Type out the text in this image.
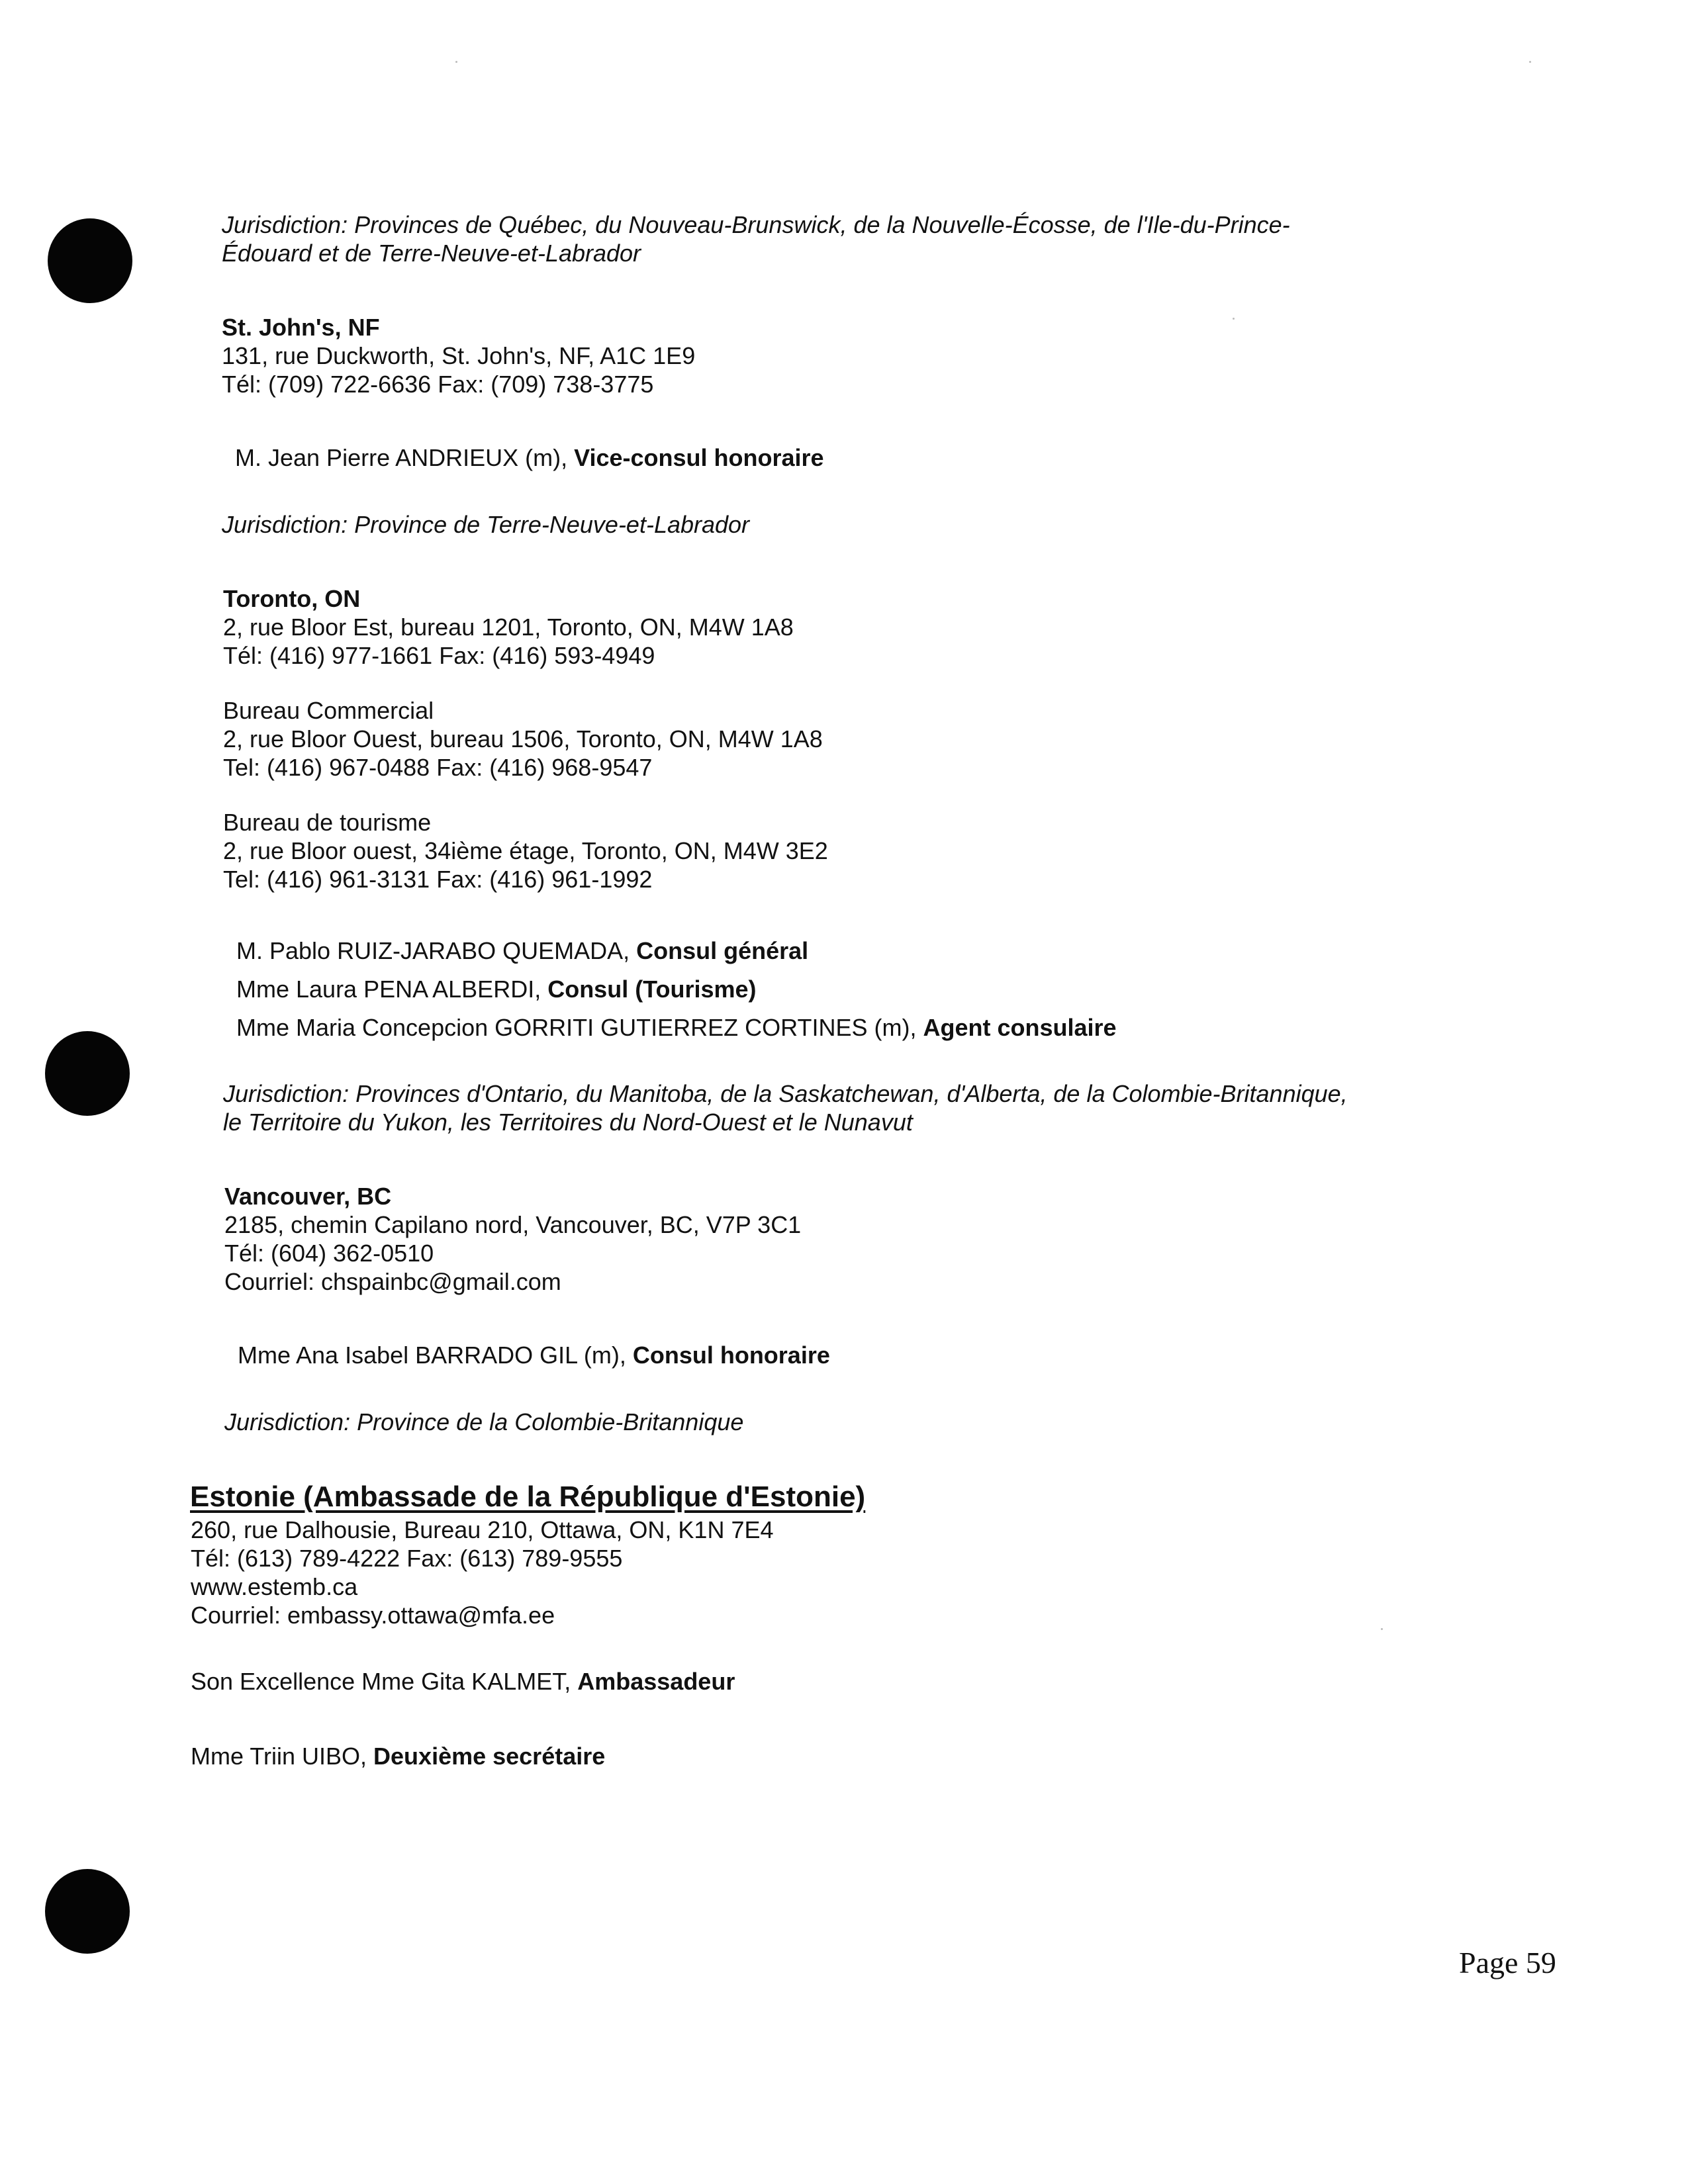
Jurisdiction: Provinces de Québec, du Nouveau-Brunswick, de la Nouvelle-Écosse, de l'Ile-du-Prince-
Édouard et de Terre-Neuve-et-Labrador
St. John's, NF
131, rue Duckworth, St. John's, NF, A1C 1E9
Tél: (709) 722-6636 Fax: (709) 738-3775
M. Jean Pierre ANDRIEUX (m), Vice-consul honoraire
Jurisdiction: Province de Terre-Neuve-et-Labrador
Toronto, ON
2, rue Bloor Est, bureau 1201, Toronto, ON, M4W 1A8
Tél: (416) 977-1661 Fax: (416) 593-4949
Bureau Commercial
2, rue Bloor Ouest, bureau 1506, Toronto, ON, M4W 1A8
Tel: (416) 967-0488 Fax: (416) 968-9547
Bureau de tourisme
2, rue Bloor ouest, 34ième étage, Toronto, ON, M4W 3E2
Tel: (416) 961-3131 Fax: (416) 961-1992
M. Pablo RUIZ-JARABO QUEMADA, Consul général
Mme Laura PENA ALBERDI, Consul (Tourisme)
Mme Maria Concepcion GORRITI GUTIERREZ CORTINES (m), Agent consulaire
Jurisdiction: Provinces d'Ontario, du Manitoba, de la Saskatchewan, d'Alberta, de la Colombie-Britannique,
le Territoire du Yukon, les Territoires du Nord-Ouest et le Nunavut
Vancouver, BC
2185, chemin Capilano nord, Vancouver, BC, V7P 3C1
Tél: (604) 362-0510
Courriel: chspainbc@gmail.com
Mme Ana Isabel BARRADO GIL (m), Consul honoraire
Jurisdiction: Province de la Colombie-Britannique
Estonie (Ambassade de la République d'Estonie)
260, rue Dalhousie, Bureau 210, Ottawa, ON, K1N 7E4
Tél: (613) 789-4222 Fax: (613) 789-9555
www.estemb.ca
Courriel: embassy.ottawa@mfa.ee
Son Excellence Mme Gita KALMET, Ambassadeur
Mme Triin UIBO, Deuxième secrétaire
Page 59
